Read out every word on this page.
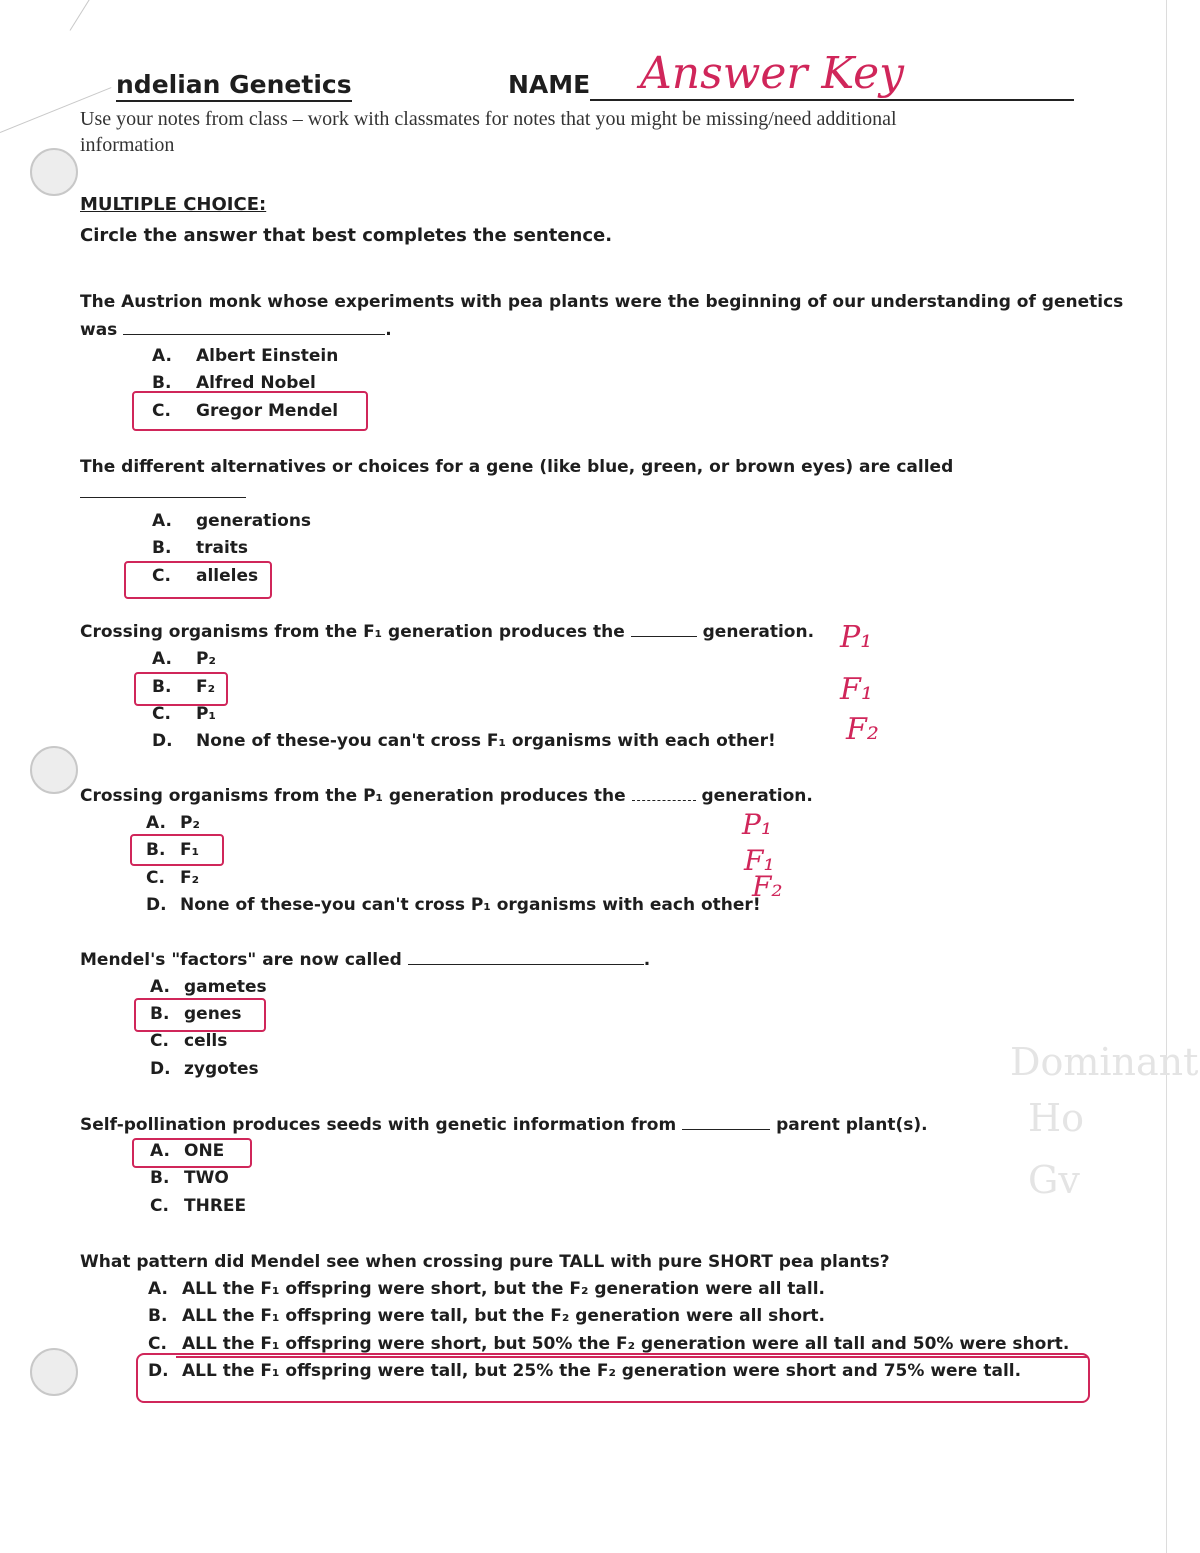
Dominant
Ho
Gv
ndelian Genetics	NAME Answer Key
Use your notes from class – work with classmates for notes that you might be missing/need additional
information
MULTIPLE CHOICE:
Circle the answer that best completes the sentence.
The Austrion monk whose experiments with pea plants were the beginning of our understanding of genetics
was	.
A. Albert Einstein
B. Alfred Nobel
C. Gregor Mendel
The different alternatives or choices for a gene (like blue, green, or brown eyes) are called
A. generations
B. traits
C. alleles
Crossing organisms from the F₁ generation produces the	generation.
A. P₂
B. F₂
C. P₁
D. None of these-you can't cross F₁ organisms with each other!
P₁
F₁
F₂
Crossing organisms from the P₁ generation produces the	generation.
A. P₂
B. F₁
C. F₂
D. None of these-you can't cross P₁ organisms with each other!
P₁
F₁
F₂
Mendel's "factors" are now called	.
A. gametes
B. genes
C. cells
D. zygotes
Self-pollination produces seeds with genetic information from	parent plant(s).
A. ONE
B. TWO
C. THREE
What pattern did Mendel see when crossing pure TALL with pure SHORT pea plants?
A. ALL the F₁ offspring were short, but the F₂ generation were all tall.
B. ALL the F₁ offspring were tall, but the F₂ generation were all short.
C. ALL the F₁ offspring were short, but 50% the F₂ generation were all tall and 50% were short.
D. ALL the F₁ offspring were tall, but 25% the F₂ generation were short and 75% were tall.
